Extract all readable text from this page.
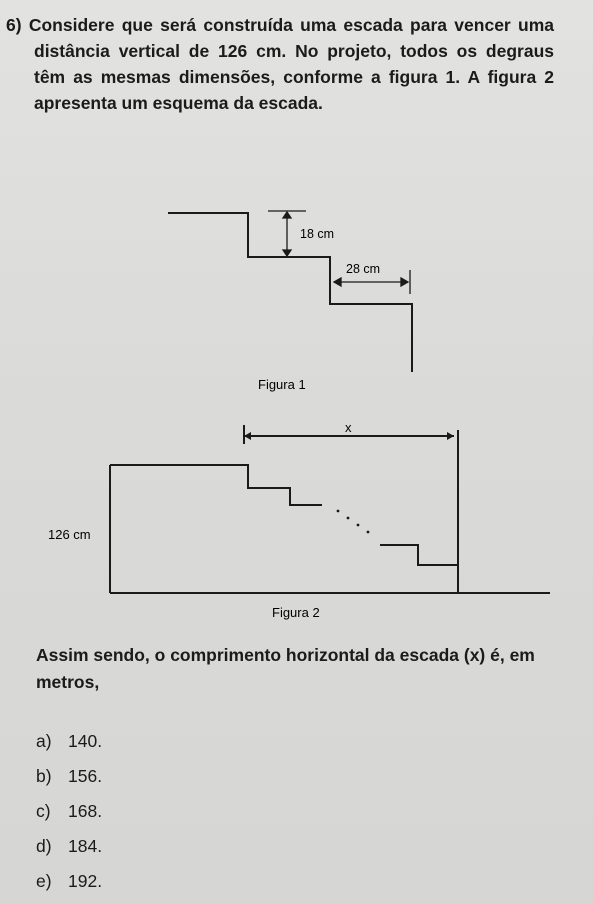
6) Considere que será construída uma escada para vencer uma distância vertical de 126 cm. No projeto, todos os degraus têm as mesmas dimensões, conforme a figura 1. A figura 2 apresenta um esquema da escada.
18 cm
28 cm
Figura 1
x
126 cm
Figura 2
Assim sendo, o comprimento horizontal da escada (x) é, em metros,
a) 140.
b) 156.
c) 168.
d) 184.
e) 192.
